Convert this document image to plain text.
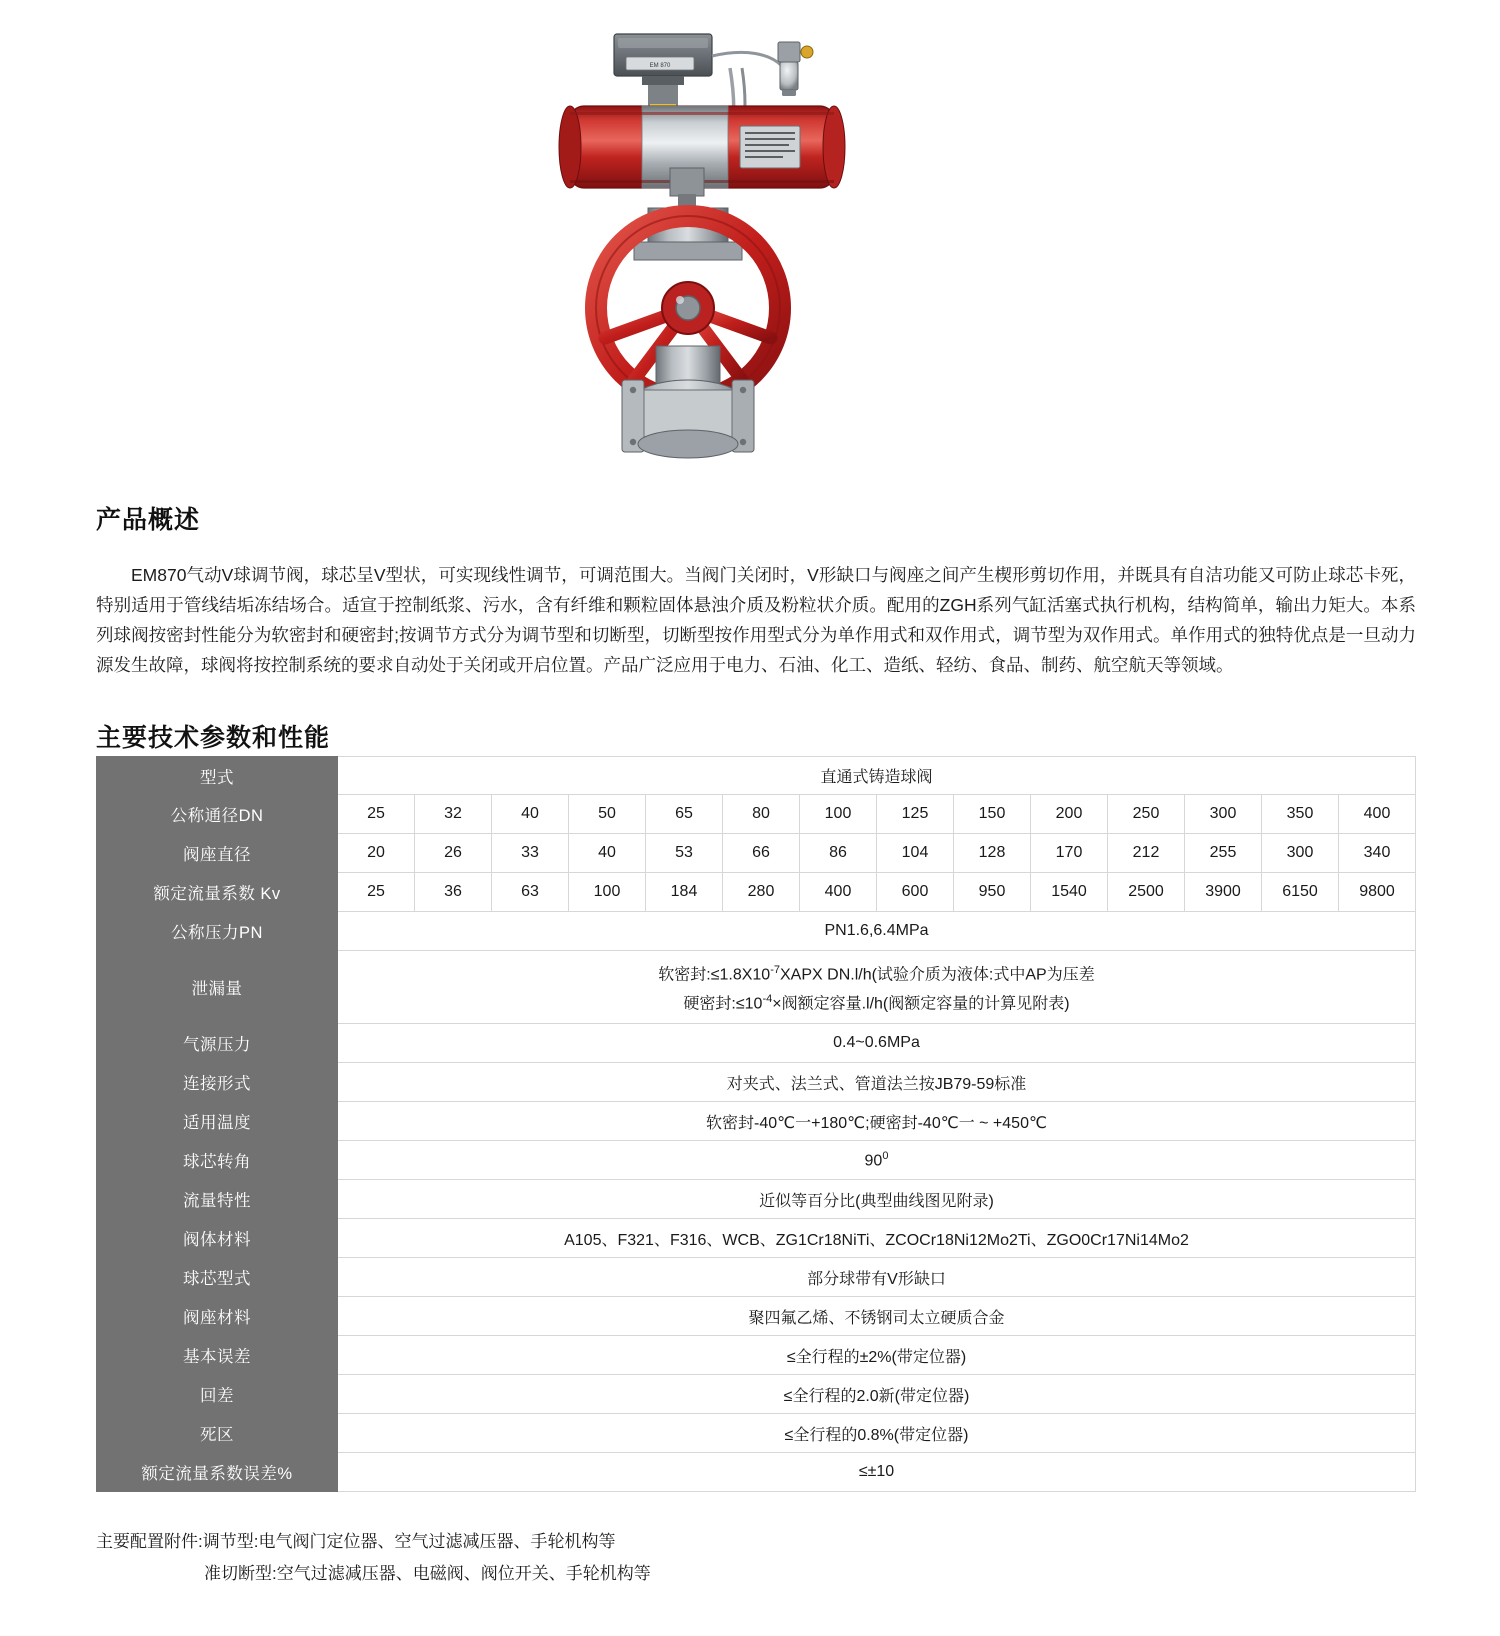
EM 870
产品概述

EM870气动V球调节阀，球芯呈V型状，可实现线性调节，可调范围大。当阀门关闭时，V形缺口与阀座之间产生楔形剪切作用，并既具有自洁功能又可防止球芯卡死，特别适用于管线结垢冻结场合。适宣于控制纸浆、污水，含有纤维和颗粒固体悬浊介质及粉粒状介质。配用的ZGH系列气缸活塞式执行机构，结构简单，输出力矩大。本系列球阀按密封性能分为软密封和硬密封;按调节方式分为调节型和切断型，切断型按作用型式分为单作用式和双作用式，调节型为双作用式。单作用式的独特优点是一旦动力源发生故障，球阀将按控制系统的要求自动处于关闭或开启位置。产品广泛应用于电力、石油、化工、造纸、轻纺、食品、制药、航空航天等领域。

主要技术参数和性能
型式	直通式铸造球阀													
公称通径DN	25	32	40	50	65	80	100	125	150	200	250	300	350	400
阀座直径	20	26	33	40	53	66	86	104	128	170	212	255	300	340
额定流量系数 Kv	25	36	63	100	184	280	400	600	950	1540	2500	3900	6150	9800
公称压力PN	PN1.6,6.4MPa													
泄漏量	软密封$:\le 1.8X10^{-7}XAPX$ DN.l/h(试验介质为液体:式中AP为压差
硬密封$:\le 10^{-4}\times$阀额定容量.l/h(阀额定容量的计算见附表)													

气源压力	0.4~0.6MPa													
连接形式	对夹式、法兰式、管道法兰按JB79-59标准													
适用温度	软密封-40℃一+180℃;硬密封-40℃一 ~ +450℃													
球芯转角	$90^0$
流量特性	近似等百分比(典型曲线图见附录)													
阀体材料	A105、F321、F316、WCB、ZG1Cr18NiTi、ZCOCr18Ni12Mo2Ti、ZGO0Cr17Ni14Mo2													
球芯型式	部分球带有V形缺口													
阀座材料	聚四氟乙烯、不锈钢司太立硬质合金													
基本误差	≤全行程的±2%(带定位器)													
回差	≤全行程的2.0新(带定位器)													
死区	≤全行程的0.8%(带定位器)													
额定流量系数误差%	≤±10													
主要配置附件:调节型:电气阀门定位器、空气过滤减压器、手轮机构等
准切断型:空气过滤减压器、电磁阀、阀位开关、手轮机构等
